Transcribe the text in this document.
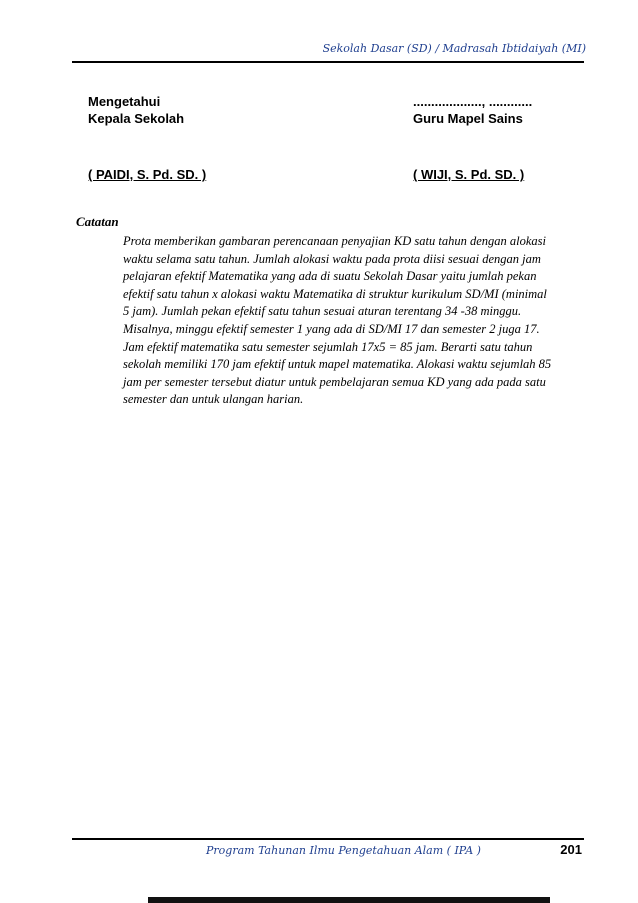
Sekolah Dasar (SD) / Madrasah Ibtidaiyah (MI)
Mengetahui
Kepala Sekolah
( PAIDI, S. Pd. SD. )
..................., ............
Guru Mapel Sains
( WIJI, S. Pd. SD. )
Catatan
Prota memberikan gambaran perencanaan penyajian KD satu tahun dengan alokasi
waktu selama satu tahun. Jumlah alokasi waktu pada prota diisi sesuai dengan jam
pelajaran efektif Matematika yang ada di suatu Sekolah Dasar yaitu jumlah pekan
efektif satu tahun x alokasi waktu Matematika di struktur kurikulum SD/MI (minimal
5 jam). Jumlah pekan efektif satu tahun sesuai aturan terentang 34 -38 minggu.
Misalnya, minggu efektif semester 1 yang ada di SD/MI 17 dan semester 2 juga 17.
Jam efektif matematika satu semester sejumlah 17x5 = 85 jam. Berarti satu tahun
sekolah memiliki 170 jam efektif untuk mapel matematika. Alokasi waktu sejumlah 85
jam per semester tersebut diatur untuk pembelajaran semua KD yang ada pada satu
semester dan untuk ulangan harian.
Program Tahunan Ilmu Pengetahuan Alam ( IPA )	201
